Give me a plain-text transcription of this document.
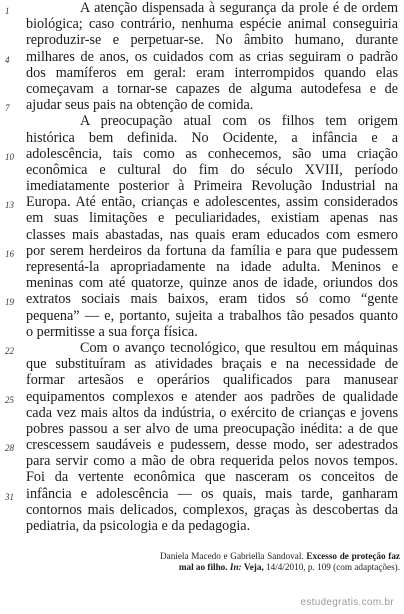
1	A atenção dispensada à segurança da prole é de ordem
biológica; caso contrário, nenhuma espécie animal conseguiria
reproduzir-se e perpetuar-se. No âmbito humano, durante
4	milhares de anos, os cuidados com as crias seguiram o padrão
dos mamíferos em geral: eram interrompidos quando elas
começavam a tornar-se capazes de alguma autodefesa e de
7	ajudar seus pais na obtenção de comida.
A preocupação atual com os filhos tem origem
histórica bem definida. No Ocidente, a infância e a
10 adolescência, tais como as conhecemos, são uma criação
econômica e cultural do fim do século XVIII, período
imediatamente posterior à Primeira Revolução Industrial na
13 Europa. Até então, crianças e adolescentes, assim considerados
em suas limitações e peculiaridades, existiam apenas nas
classes mais abastadas, nas quais eram educados com esmero
16 por serem herdeiros da fortuna da família e para que pudessem
representá-la apropriadamente na idade adulta. Meninos e
meninas com até quatorze, quinze anos de idade, oriundos dos
19 extratos sociais mais baixos, eram tidos só como “gente
pequena” — e, portanto, sujeita a trabalhos tão pesados quanto
o permitisse a sua força física.
22	Com o avanço tecnológico, que resultou em máquinas
que substituíram as atividades braçais e na necessidade de
formar artesãos e operários qualificados para manusear
25 equipamentos complexos e atender aos padrões de qualidade
cada vez mais altos da indústria, o exército de crianças e jovens
pobres passou a ser alvo de uma preocupação inédita: a de que
28 crescessem saudáveis e pudessem, desse modo, ser adestrados
para servir como a mão de obra requerida pelos novos tempos.
Foi da vertente econômica que nasceram os conceitos de
31 infância e adolescência — os quais, mais tarde, ganharam
contornos mais delicados, complexos, graças às descobertas da
pediatria, da psicologia e da pedagogia.
Daniela Macedo e Gabriella Sandoval. Excesso de proteção faz mal ao filho. In: Veja, 14/4/2010, p. 109 (com adaptações).
estudegratis.com.br
